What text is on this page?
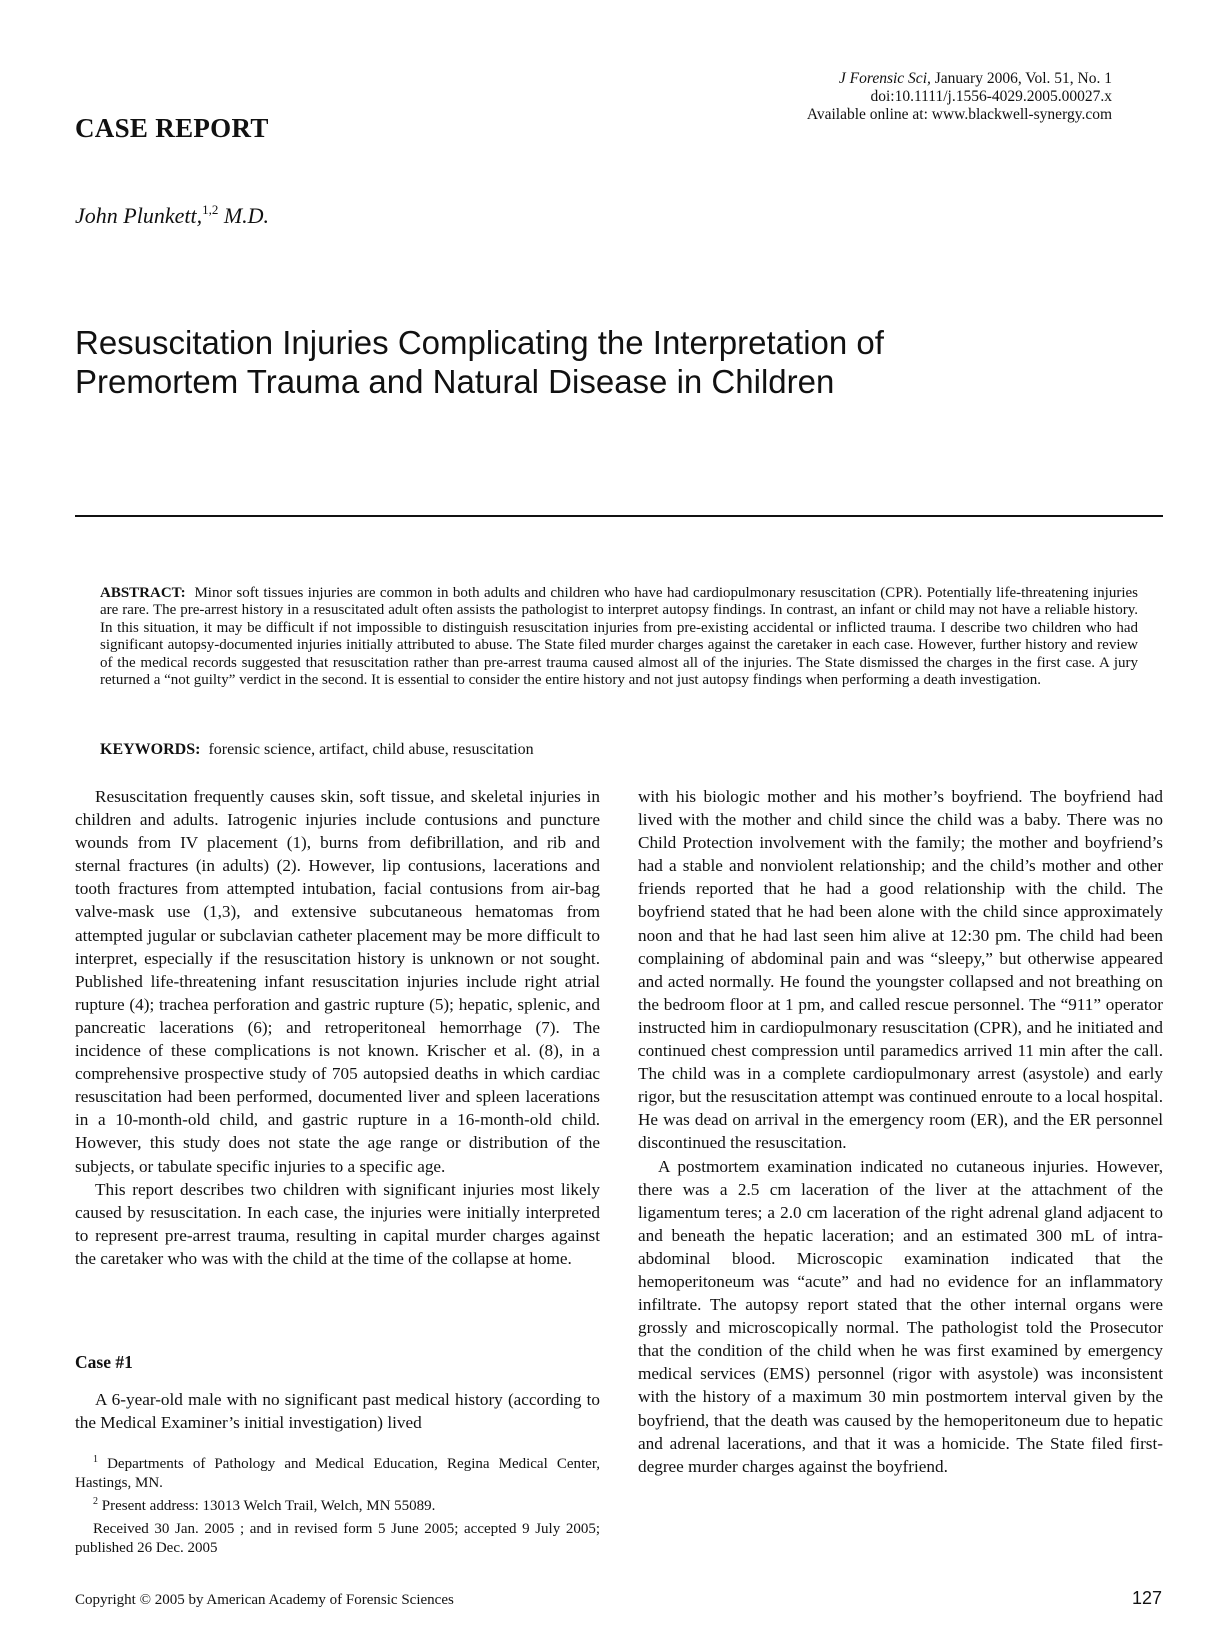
J Forensic Sci, January 2006, Vol. 51, No. 1
doi:10.1111/j.1556-4029.2005.00027.x
Available online at: www.blackwell-synergy.com
CASE REPORT
John Plunkett,$^{1,2}$ M.D.
Resuscitation Injuries Complicating the Interpretation of Premortem Trauma and Natural Disease in Children
ABSTRACT: Minor soft tissues injuries are common in both adults and children who have had cardiopulmonary resuscitation (CPR). Potentially life-threatening injuries are rare. The pre-arrest history in a resuscitated adult often assists the pathologist to interpret autopsy findings. In contrast, an infant or child may not have a reliable history. In this situation, it may be difficult if not impossible to distinguish resuscitation injuries from pre-existing accidental or inflicted trauma. I describe two children who had significant autopsy-documented injuries initially attributed to abuse. The State filed murder charges against the caretaker in each case. However, further history and review of the medical records suggested that resuscitation rather than pre-arrest trauma caused almost all of the injuries. The State dismissed the charges in the first case. A jury returned a “not guilty” verdict in the second. It is essential to consider the entire history and not just autopsy findings when performing a death investigation.
KEYWORDS: forensic science, artifact, child abuse, resuscitation

Resuscitation frequently causes skin, soft tissue, and skeletal injuries in children and adults. Iatrogenic injuries include contusions and puncture wounds from IV placement (1), burns from defibrillation, and rib and sternal fractures (in adults) (2). However, lip contusions, lacerations and tooth fractures from attempted intubation, facial contusions from air-bag valve-mask use (1,3), and extensive subcutaneous hematomas from attempted jugular or subclavian catheter placement may be more difficult to interpret, especially if the resuscitation history is unknown or not sought. Published life-threatening infant resuscitation injuries include right atrial rupture (4); trachea perforation and gastric rupture (5); hepatic, splenic, and pancreatic lacerations (6); and retroperitoneal hemorrhage (7). The incidence of these complications is not known. Krischer et al. (8), in a comprehensive prospective study of 705 autopsied deaths in which cardiac resuscitation had been performed, documented liver and spleen lacerations in a 10-month-old child, and gastric rupture in a 16-month-old child. However, this study does not state the age range or distribution of the subjects, or tabulate specific injuries to a specific age.

This report describes two children with significant injuries most likely caused by resuscitation. In each case, the injuries were initially interpreted to represent pre-arrest trauma, resulting in capital murder charges against the caretaker who was with the child at the time of the collapse at home.

Case #1
A 6-year-old male with no significant past medical history (according to the Medical Examiner’s initial investigation) lived

$^1$ Departments of Pathology and Medical Education, Regina Medical Center, Hastings, MN.

$^2$ Present address: 13013 Welch Trail, Welch, MN 55089.

Received 30 Jan. 2005 ; and in revised form 5 June 2005; accepted 9 July 2005; published 26 Dec. 2005

with his biologic mother and his mother’s boyfriend. The boyfriend had lived with the mother and child since the child was a baby. There was no Child Protection involvement with the family; the mother and boyfriend’s had a stable and nonviolent relationship; and the child’s mother and other friends reported that he had a good relationship with the child. The boyfriend stated that he had been alone with the child since approximately noon and that he had last seen him alive at 12:30 pm. The child had been complaining of abdominal pain and was “sleepy,” but otherwise appeared and acted normally. He found the youngster collapsed and not breathing on the bedroom floor at 1 pm, and called rescue personnel. The “911” operator instructed him in cardiopulmonary resuscitation (CPR), and he initiated and continued chest compression until paramedics arrived 11 min after the call. The child was in a complete cardiopulmonary arrest (asystole) and early rigor, but the resuscitation attempt was continued enroute to a local hospital. He was dead on arrival in the emergency room (ER), and the ER personnel discontinued the resuscitation.

A postmortem examination indicated no cutaneous injuries. However, there was a 2.5 cm laceration of the liver at the attachment of the ligamentum teres; a 2.0 cm laceration of the right adrenal gland adjacent to and beneath the hepatic laceration; and an estimated 300 mL of intra-abdominal blood. Microscopic examination indicated that the hemoperitoneum was “acute” and had no evidence for an inflammatory infiltrate. The autopsy report stated that the other internal organs were grossly and microscopically normal. The pathologist told the Prosecutor that the condition of the child when he was first examined by emergency medical services (EMS) personnel (rigor with asystole) was inconsistent with the history of a maximum 30 min postmortem interval given by the boyfriend, that the death was caused by the hemoperitoneum due to hepatic and adrenal lacerations, and that it was a homicide. The State filed first-degree murder charges against the boyfriend.

Copyright © 2005 by American Academy of Forensic Sciences	127
